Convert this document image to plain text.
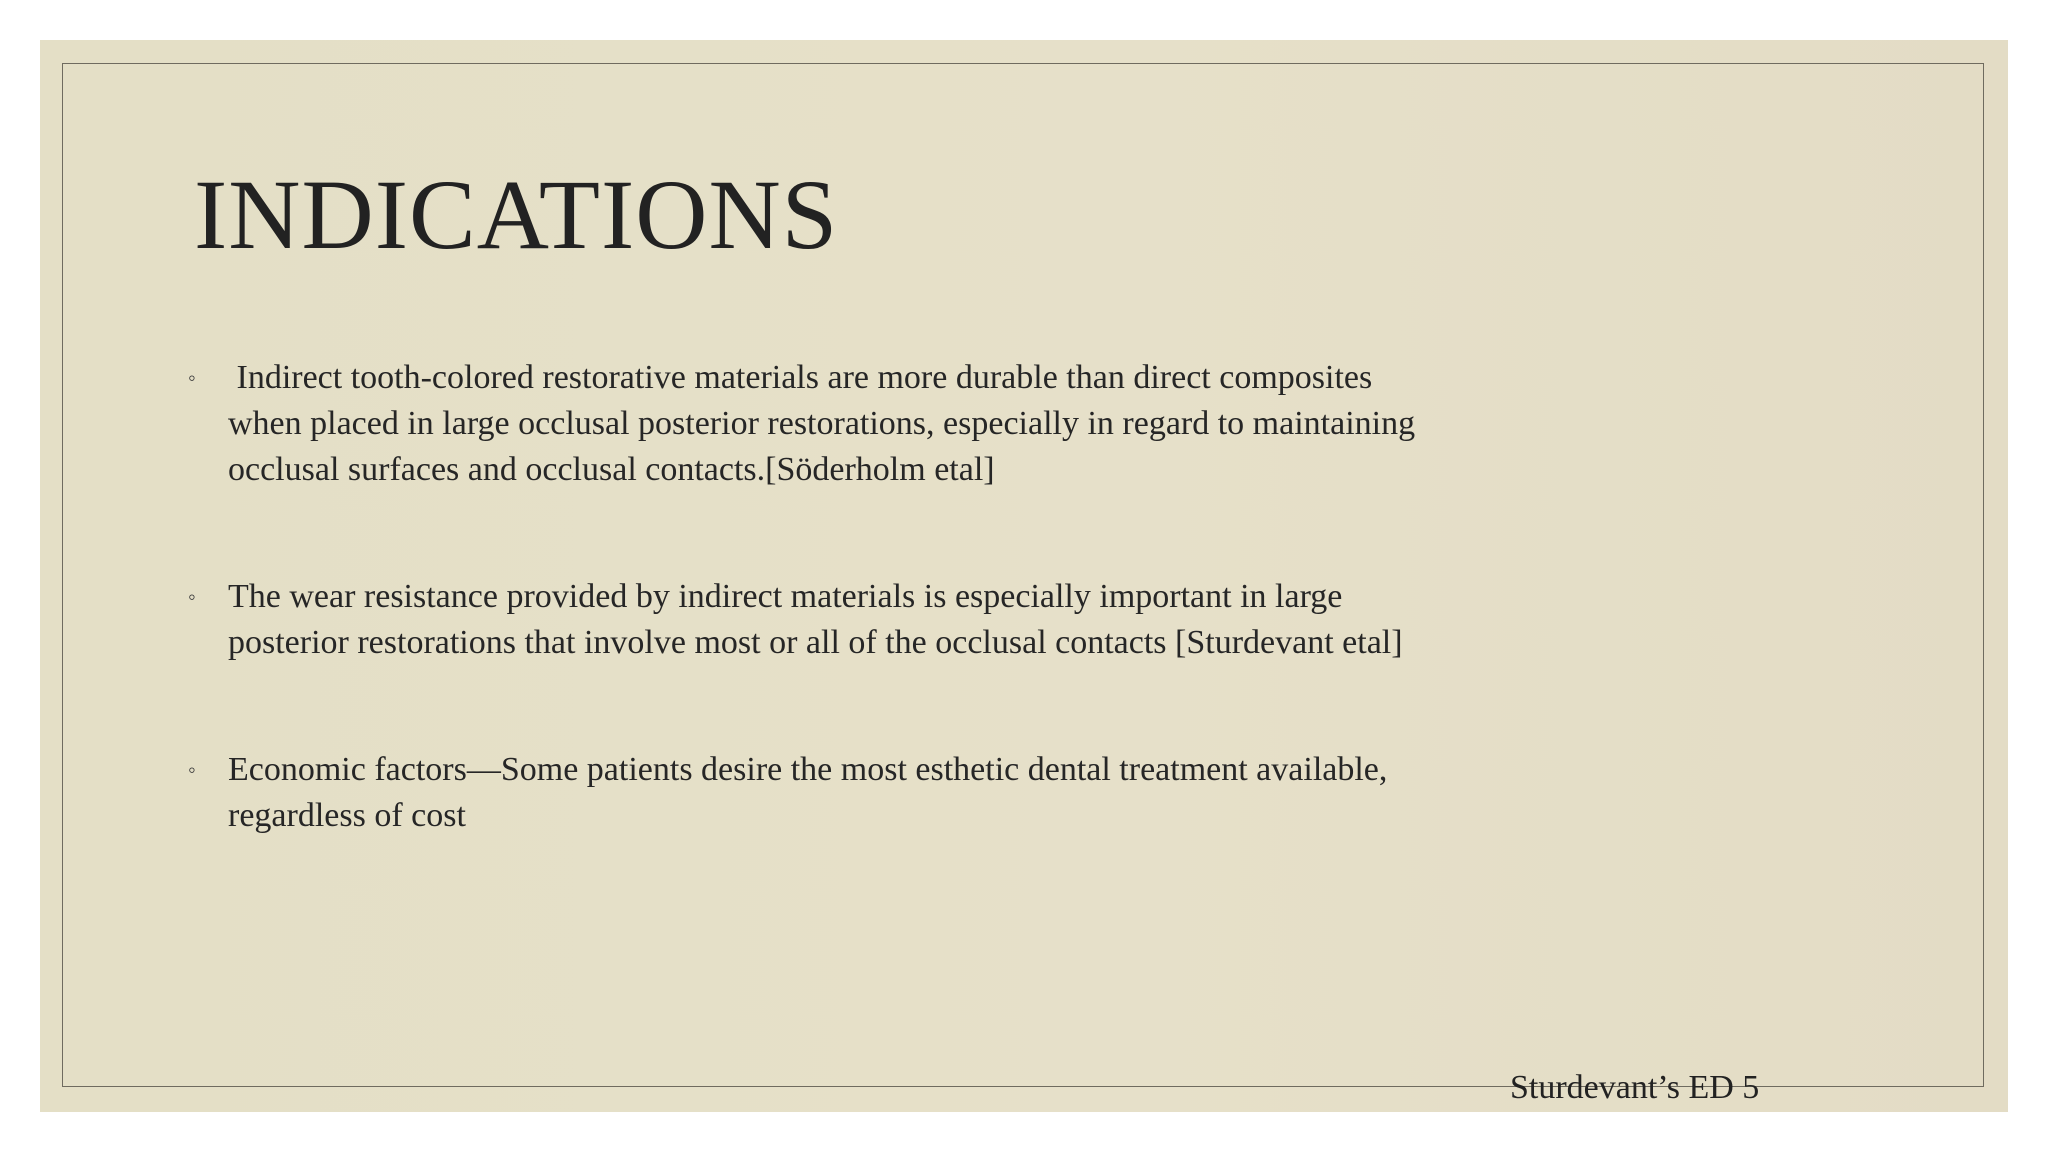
INDICATIONS
◦ Indirect tooth-colored restorative materials are more durable than direct composites when placed in large occlusal posterior restorations, especially in regard to maintaining occlusal surfaces and occlusal contacts.[Söderholm etal]
◦ The wear resistance provided by indirect materials is especially important in large posterior restorations that involve most or all of the occlusal contacts [Sturdevant etal]
◦ Economic factors—Some patients desire the most esthetic dental treatment available, regardless of cost

Sturdevant’s ED 5
